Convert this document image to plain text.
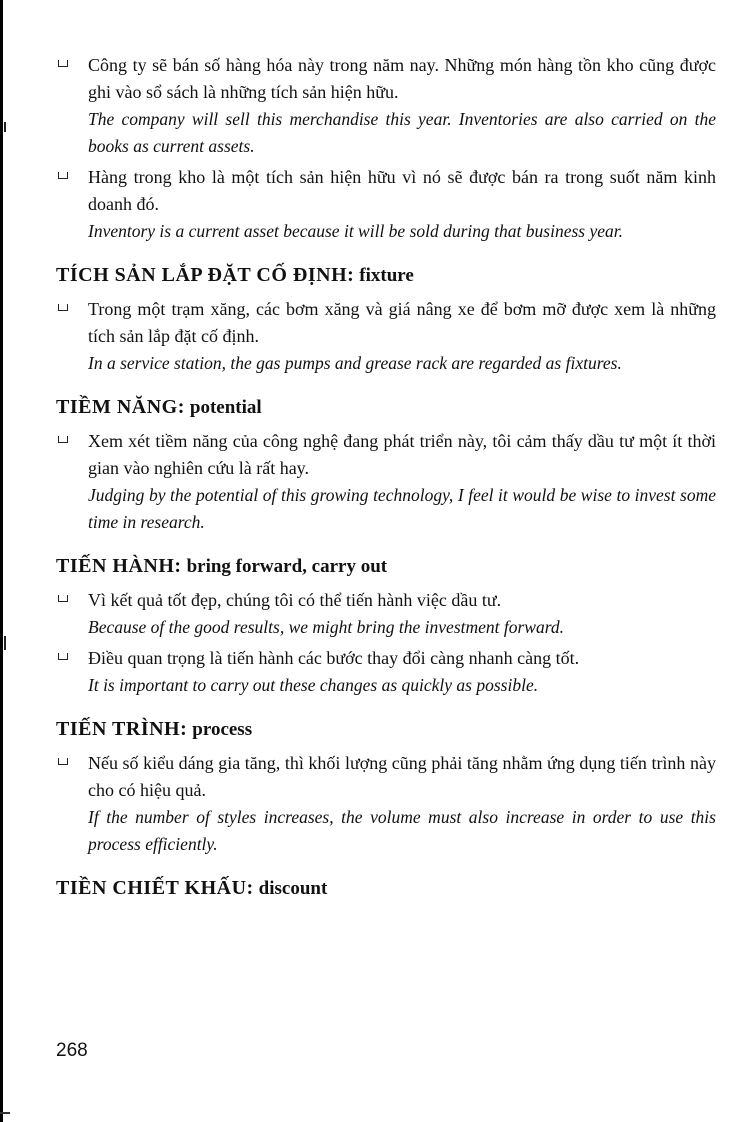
Công ty sẽ bán số hàng hóa này trong năm nay. Những món hàng tồn kho cũng được ghi vào sổ sách là những tích sản hiện hữu.

The company will sell this merchandise this year. Inventories are also carried on the books as current assets.

Hàng trong kho là một tích sản hiện hữu vì nó sẽ được bán ra trong suốt năm kinh doanh đó.

Inventory is a current asset because it will be sold during that business year.

TÍCH SẢN LẮP ĐẶT CỐ ĐỊNH: fixture

Trong một trạm xăng, các bơm xăng và giá nâng xe để bơm mỡ được xem là những tích sản lắp đặt cố định.

In a service station, the gas pumps and grease rack are regarded as fixtures.

TIỀM NĂNG: potential

Xem xét tiềm năng của công nghệ đang phát triển này, tôi cảm thấy dầu tư một ít thời gian vào nghiên cứu là rất hay.

Judging by the potential of this growing technology, I feel it would be wise to invest some time in research.

TIẾN HÀNH: bring forward, carry out

Vì kết quả tốt đẹp, chúng tôi có thể tiến hành việc dầu tư.

Because of the good results, we might bring the investment forward.

Điều quan trọng là tiến hành các bước thay đổi càng nhanh càng tốt.

It is important to carry out these changes as quickly as possible.

TIẾN TRÌNH: process

Nếu số kiểu dáng gia tăng, thì khối lượng cũng phải tăng nhằm ứng dụng tiến trình này cho có hiệu quả.

If the number of styles increases, the volume must also increase in order to use this process efficiently.

TIỀN CHIẾT KHẤU: discount
268
